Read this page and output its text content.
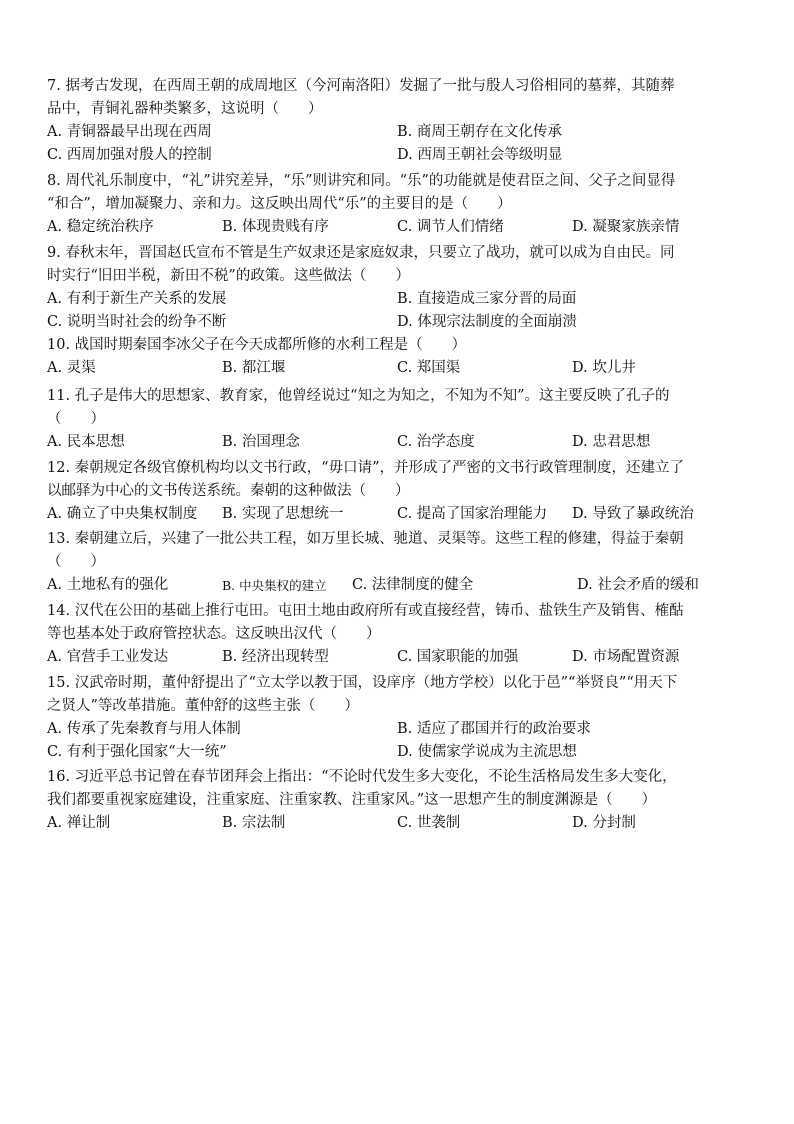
7. 据考古发现，在西周王朝的成周地区（今河南洛阳）发掘了一批与殷人习俗相同的墓葬，其随葬
品中，青铜礼器种类繁多，这说明（　　）
A. 青铜器最早出现在西周	B. 商周王朝存在文化传承
C. 西周加强对殷人的控制	D. 西周王朝社会等级明显
8. 周代礼乐制度中，“礼”讲究差异，“乐”则讲究和同。“乐”的功能就是使君臣之间、父子之间显得
“和合”，增加凝聚力、亲和力。这反映出周代“乐”的主要目的是（　　）
A. 稳定统治秩序	B. 体现贵贱有序	C. 调节人们情绪	D. 凝聚家族亲情
9. 春秋末年，晋国赵氏宣布不管是生产奴隶还是家庭奴隶，只要立了战功，就可以成为自由民。同
时实行“旧田半税，新田不税”的政策。这些做法（　　）
A. 有利于新生产关系的发展	B. 直接造成三家分晋的局面
C. 说明当时社会的纷争不断	D. 体现宗法制度的全面崩溃
10. 战国时期秦国李冰父子在今天成都所修的水利工程是（　　）
A. 灵渠	B. 都江堰	C. 郑国渠	D. 坎儿井
11. 孔子是伟大的思想家、教育家，他曾经说过“知之为知之，不知为不知”。这主要反映了孔子的
（　　）
A. 民本思想	B. 治国理念	C. 治学态度	D. 忠君思想
12. 秦朝规定各级官僚机构均以文书行政，“毋口请”，并形成了严密的文书行政管理制度，还建立了
以邮驿为中心的文书传送系统。秦朝的这种做法（　　）
A. 确立了中央集权制度 B. 实现了思想统一	C. 提高了国家治理能力 D. 导致了暴政统治
13. 秦朝建立后，兴建了一批公共工程，如万里长城、驰道、灵渠等。这些工程的修建，得益于秦朝
（　　）
A. 土地私有的强化	B. 中央集权的建立 C. 法律制度的健全	D. 社会矛盾的缓和
14. 汉代在公田的基础上推行屯田。屯田土地由政府所有或直接经营，铸币、盐铁生产及销售、榷酤
等也基本处于政府管控状态。这反映出汉代（　　）
A. 官营手工业发达	B. 经济出现转型	C. 国家职能的加强	D. 市场配置资源
15. 汉武帝时期，董仲舒提出了“立太学以教于国，设庠序（地方学校）以化于邑”“举贤良”“用天下
之贤人”等改革措施。董仲舒的这些主张（　　）
A. 传承了先秦教育与用人体制	B. 适应了郡国并行的政治要求
C. 有利于强化国家“大一统”	D. 使儒家学说成为主流思想
16. 习近平总书记曾在春节团拜会上指出：“不论时代发生多大变化，不论生活格局发生多大变化，
我们都要重视家庭建设，注重家庭、注重家教、注重家风。”这一思想产生的制度渊源是（　　）
A. 禅让制	B. 宗法制	C. 世袭制	D. 分封制
